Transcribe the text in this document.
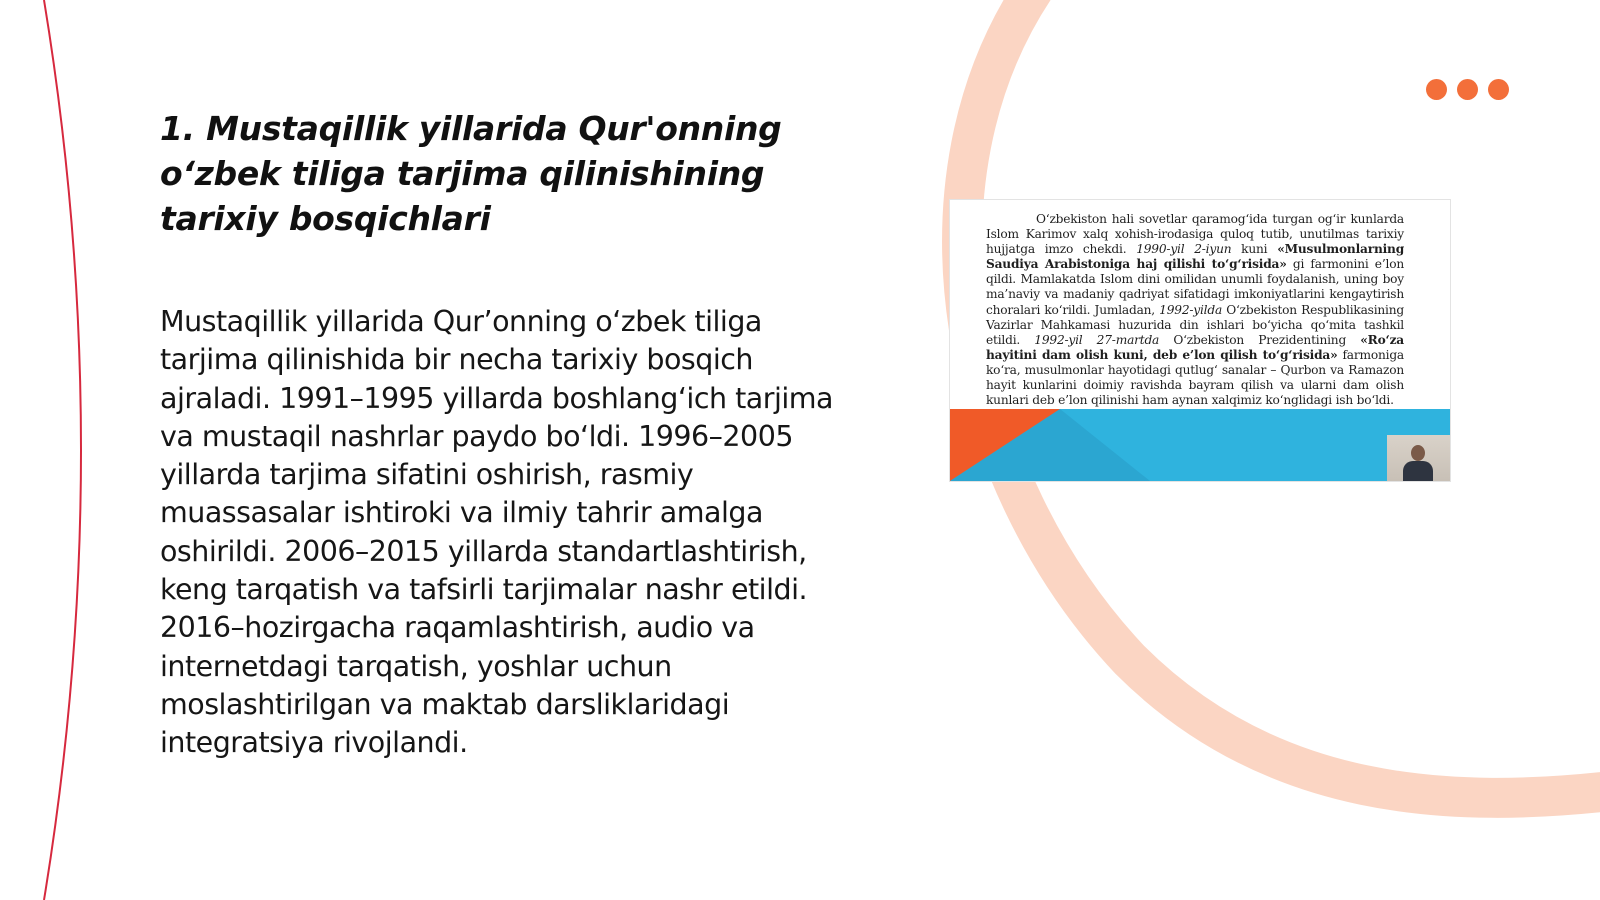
1. Mustaqillik yillarida Qur'onning o‘zbek tiliga tarjima qilinishining tarixiy bosqichlari

Mustaqillik yillarida Qur’onning o‘zbek tiliga tarjima qilinishida bir necha tarixiy bosqich ajraladi. 1991–1995 yillarda boshlang‘ich tarjima va mustaqil nashrlar paydo bo‘ldi. 1996–2005 yillarda tarjima sifatini oshirish, rasmiy muassasalar ishtiroki va ilmiy tahrir amalga oshirildi. 2006–2015 yillarda standartlashtirish, keng tarqatish va tafsirli tarjimalar nashr etildi. 2016–hozirgacha raqamlashtirish, audio va internetdagi tarqatish, yoshlar uchun moslashtirilgan va maktab darsliklaridagi integratsiya rivojlandi.

O‘zbekiston hali sovetlar qaramog‘ida turgan og‘ir kunlarda Islom Karimov xalq xohish-irodasiga quloq tutib, unutilmas tarixiy hujjatga imzo chekdi. 1990-yil 2-iyun kuni «Musulmonlarning Saudiya Arabistoniga haj qilishi to‘g‘risida» gi farmonini e’lon qildi. Mamlakatda Islom dini omilidan unumli foydalanish, uning boy ma’naviy va madaniy qadriyat sifatidagi imkoniyatlarini kengaytirish choralari ko‘rildi. Jumladan, 1992-yilda O‘zbekiston Respublikasining Vazirlar Mahkamasi huzurida din ishlari bo‘yicha qo‘mita tashkil etildi. 1992-yil 27-martda O‘zbekiston Prezidentining «Ro‘za hayitini dam olish kuni, deb e’lon qilish to‘g‘risida» farmoniga ko‘ra, musulmonlar hayotidagi qutlug‘ sanalar – Qurbon va Ramazon hayit kunlarini doimiy ravishda bayram qilish va ularni dam olish kunlari deb e’lon qilinishi ham aynan xalqimiz ko‘nglidagi ish bo‘ldi.
